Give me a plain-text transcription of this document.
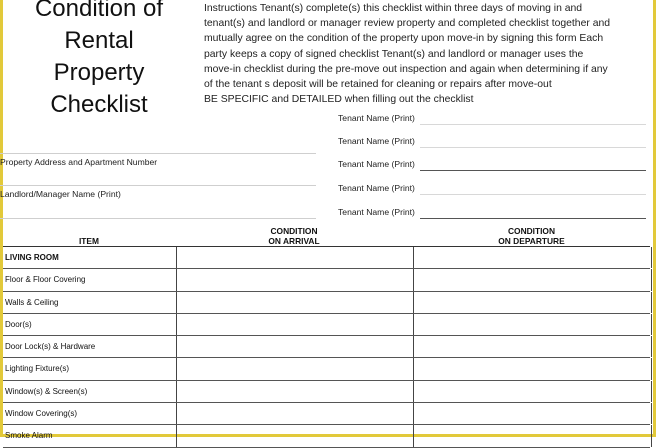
Condition of
Rental
Property
Checklist
Instructions Tenant(s) complete(s) this checklist within three days of moving in and
tenant(s) and landlord or manager review property and completed checklist together and
mutually agree on the condition of the property upon move-in by signing this form Each
party keeps a copy of signed checklist Tenant(s) and landlord or manager uses the
move-in checklist during the pre-move out inspection and again when determining if any
of the tenant s deposit will be retained for cleaning or repairs after move-out
BE SPECIFIC and DETAILED when filling out the checklist
Property Address and Apartment Number
Landlord/Manager Name (Print)
Tenant Name (Print)
Tenant Name (Print)
Tenant Name (Print)
Tenant Name (Print)
Tenant Name (Print)
ITEM
CONDITION
ON ARRIVAL
CONDITION
ON DEPARTURE
LIVING ROOM
Floor & Floor Covering
Walls & Ceiling
Door(s)
Door Lock(s) & Hardware
Lighting Fixture(s)
Window(s) & Screen(s)
Window Covering(s)
Smoke Alarm
